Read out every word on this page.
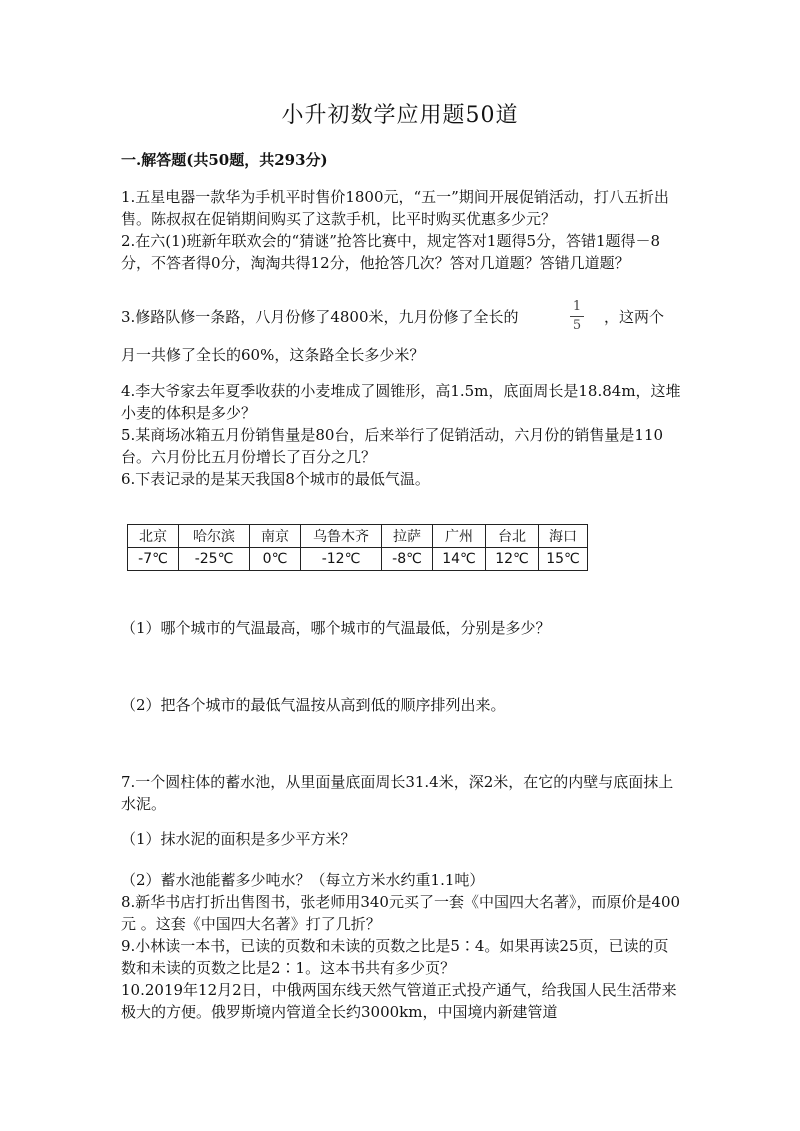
小升初数学应用题50道
一.解答题(共50题，共293分)
1.五星电器一款华为手机平时售价1800元，“五一”期间开展促销活动，打八五折出售。陈叔叔在促销期间购买了这款手机，比平时购买优惠多少元？
2.在六(1)班新年联欢会的“猜谜”抢答比赛中，规定答对1题得5分，答错1题得－8分，不答者得0分，淘淘共得12分，他抢答几次？答对几道题？答错几道题？
3.修路队修一条路，八月份修了4800米，九月份修了全长的
1
5	，这两个
月一共修了全长的60%，这条路全长多少米？
4.李大爷家去年夏季收获的小麦堆成了圆锥形，高1.5m，底面周长是18.84m，这堆小麦的体积是多少？
5.某商场冰箱五月份销售量是80台，后来举行了促销活动，六月份的销售量是110台。六月份比五月份增长了百分之几？
6.下表记录的是某天我国8个城市的最低气温。
北京	哈尔滨	南京	乌鲁木齐	拉萨	广州	台北	海口
-7℃	-25℃	0℃	-12℃	-8℃	14℃	12℃	15℃
（1）哪个城市的气温最高，哪个城市的气温最低，分别是多少？
（2）把各个城市的最低气温按从高到低的顺序排列出来。
7.一个圆柱体的蓄水池，从里面量底面周长31.4米，深2米，在它的内壁与底面抹上水泥。
（1）抹水泥的面积是多少平方米？
（2）蓄水池能蓄多少吨水？（每立方米水约重1.1吨）
8.新华书店打折出售图书，张老师用340元买了一套《中国四大名著》，而原价是400元 。这套《中国四大名著》打了几折？
9.小林读一本书，已读的页数和未读的页数之比是5∶4。如果再读25页，已读的页数和未读的页数之比是2∶1。这本书共有多少页？
10.2019年12月2日，中俄两国东线天然气管道正式投产通气，给我国人民生活带来极大的方便。俄罗斯境内管道全长约3000km，中国境内新建管道
